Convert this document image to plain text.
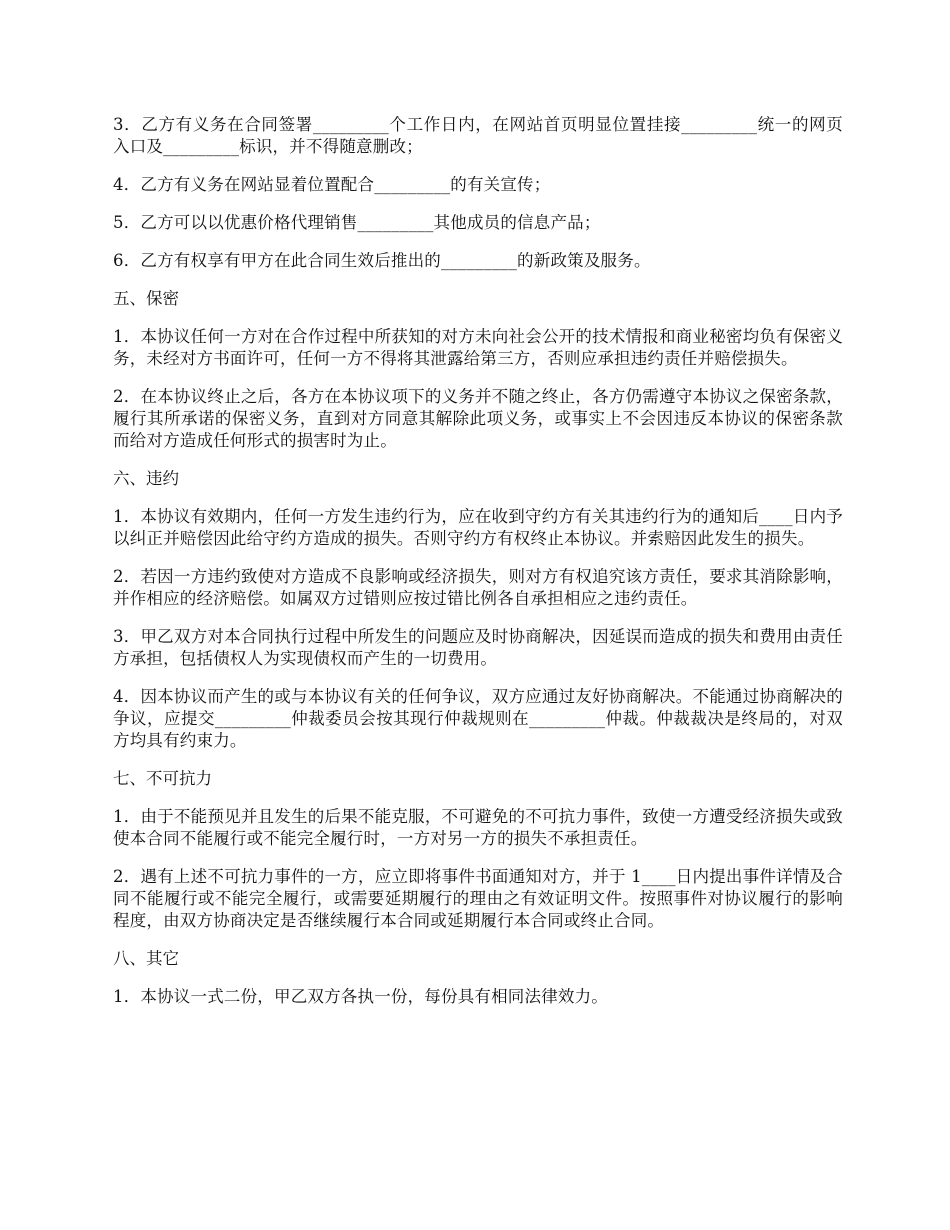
3．乙方有义务在合同签署_________个工作日内，在网站首页明显位置挂接_________统一的网页入口及_________标识，并不得随意删改；

4．乙方有义务在网站显着位置配合_________的有关宣传；

5．乙方可以以优惠价格代理销售_________其他成员的信息产品；

6．乙方有权享有甲方在此合同生效后推出的_________的新政策及服务。

五、保密

1．本协议任何一方对在合作过程中所获知的对方未向社会公开的技术情报和商业秘密均负有保密义务，未经对方书面许可，任何一方不得将其泄露给第三方，否则应承担违约责任并赔偿损失。

2．在本协议终止之后，各方在本协议项下的义务并不随之终止，各方仍需遵守本协议之保密条款，履行其所承诺的保密义务，直到对方同意其解除此项义务，或事实上不会因违反本协议的保密条款而给对方造成任何形式的损害时为止。

六、违约

1．本协议有效期内，任何一方发生违约行为，应在收到守约方有关其违约行为的通知后____日内予以纠正并赔偿因此给守约方造成的损失。否则守约方有权终止本协议。并索赔因此发生的损失。

2．若因一方违约致使对方造成不良影响或经济损失，则对方有权追究该方责任，要求其消除影响，并作相应的经济赔偿。如属双方过错则应按过错比例各自承担相应之违约责任。

3．甲乙双方对本合同执行过程中所发生的问题应及时协商解决，因延误而造成的损失和费用由责任方承担，包括债权人为实现债权而产生的一切费用。

4．因本协议而产生的或与本协议有关的任何争议，双方应通过友好协商解决。不能通过协商解决的争议，应提交_________仲裁委员会按其现行仲裁规则在_________仲裁。仲裁裁决是终局的，对双方均具有约束力。

七、不可抗力

1．由于不能预见并且发生的后果不能克服，不可避免的不可抗力事件，致使一方遭受经济损失或致使本合同不能履行或不能完全履行时，一方对另一方的损失不承担责任。

2．遇有上述不可抗力事件的一方，应立即将事件书面通知对方，并于 1____日内提出事件详情及合同不能履行或不能完全履行，或需要延期履行的理由之有效证明文件。按照事件对协议履行的影响程度，由双方协商决定是否继续履行本合同或延期履行本合同或终止合同。

八、其它

1．本协议一式二份，甲乙双方各执一份，每份具有相同法律效力。
